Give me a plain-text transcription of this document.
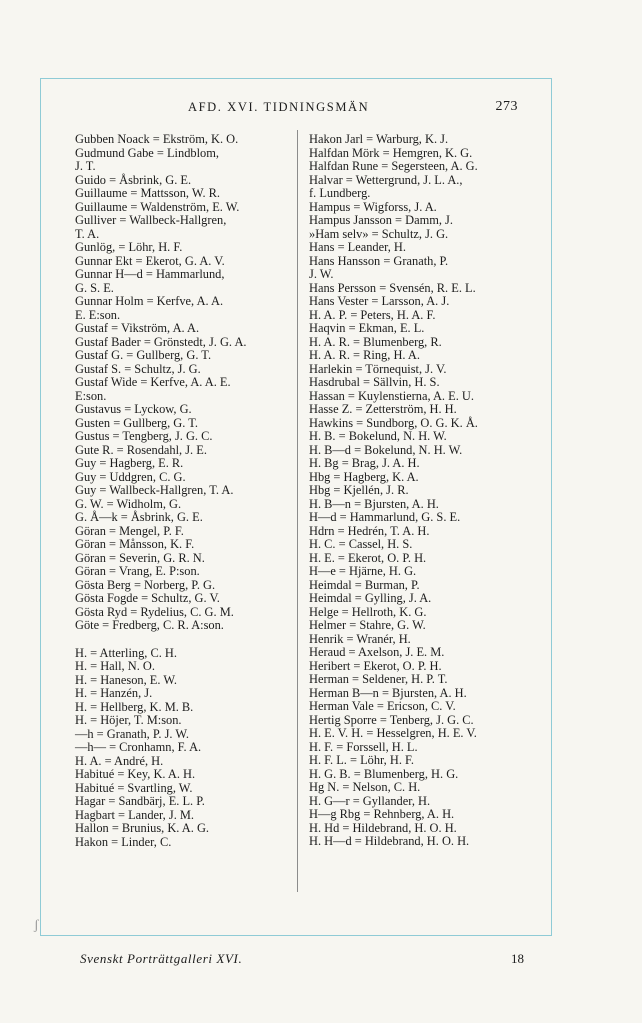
AFD. XVI. TIDNINGSMÄN	273
Gubben Noack = Ekström, K. O.
Gudmund Gabe = Lindblom,
J. T.
Guido = Åsbrink, G. E.
Guillaume = Mattsson, W. R.
Guillaume = Waldenström, E. W.
Gulliver = Wallbeck-Hallgren,
T. A.
Gunlög, = Löhr, H. F.
Gunnar Ekt = Ekerot, G. A. V.
Gunnar H—d = Hammarlund,
G. S. E.
Gunnar Holm = Kerfve, A. A.
E. E:son.
Gustaf = Vikström, A. A.
Gustaf Bader = Grönstedt, J. G. A.
Gustaf G. = Gullberg, G. T.
Gustaf S. = Schultz, J. G.
Gustaf Wide = Kerfve, A. A. E.
E:son.
Gustavus = Lyckow, G.
Gusten = Gullberg, G. T.
Gustus = Tengberg, J. G. C.
Gute R. = Rosendahl, J. E.
Guy = Hagberg, E. R.
Guy = Uddgren, C. G.
Guy = Wallbeck-Hallgren, T. A.
G. W. = Widholm, G.
G. Å—k = Åsbrink, G. E.
Göran = Mengel, P. F.
Göran = Månsson, K. F.
Göran = Severin, G. R. N.
Göran = Vrang, E. P:son.
Gösta Berg = Norberg, P. G.
Gösta Fogde = Schultz, G. V.
Gösta Ryd = Rydelius, C. G. M.
Göte = Fredberg, C. R. A:son.
H. = Atterling, C. H.
H. = Hall, N. O.
H. = Haneson, E. W.
H. = Hanzén, J.
H. = Hellberg, K. M. B.
H. = Höjer, T. M:son.
—h = Granath, P. J. W.
—h— = Cronhamn, F. A.
H. A. = André, H.
Habitué = Key, K. A. H.
Habitué = Svartling, W.
Hagar = Sandbärj, E. L. P.
Hagbart = Lander, J. M.
Hallon = Brunius, K. A. G.
Hakon = Linder, C.
Hakon Jarl = Warburg, K. J.
Halfdan Mörk = Hemgren, K. G.
Halfdan Rune = Segersteen, A. G.
Halvar = Wettergrund, J. L. A.,
f. Lundberg.
Hampus = Wigforss, J. A.
Hampus Jansson = Damm, J.
»Ham selv» = Schultz, J. G.
Hans = Leander, H.
Hans Hansson = Granath, P.
J. W.
Hans Persson = Svensén, R. E. L.
Hans Vester = Larsson, A. J.
H. A. P. = Peters, H. A. F.
Haqvin = Ekman, E. L.
H. A. R. = Blumenberg, R.
H. A. R. = Ring, H. A.
Harlekin = Törnequist, J. V.
Hasdrubal = Sällvin, H. S.
Hassan = Kuylenstierna, A. E. U.
Hasse Z. = Zetterström, H. H.
Hawkins = Sundborg, O. G. K. Å.
H. B. = Bokelund, N. H. W.
H. B—d = Bokelund, N. H. W.
H. Bg = Brag, J. A. H.
Hbg = Hagberg, K. A.
Hbg = Kjellén, J. R.
H. B—n = Bjursten, A. H.
H—d = Hammarlund, G. S. E.
Hdrn = Hedrén, T. A. H.
H. C. = Cassel, H. S.
H. E. = Ekerot, O. P. H.
H—e = Hjärne, H. G.
Heimdal = Burman, P.
Heimdal = Gylling, J. A.
Helge = Hellroth, K. G.
Helmer = Stahre, G. W.
Henrik = Wranér, H.
Heraud = Axelson, J. E. M.
Heribert = Ekerot, O. P. H.
Herman = Seldener, H. P. T.
Herman B—n = Bjursten, A. H.
Herman Vale = Ericson, C. V.
Hertig Sporre = Tenberg, J. G. C.
H. E. V. H. = Hesselgren, H. E. V.
H. F. = Forssell, H. L.
H. F. L. = Löhr, H. F.
H. G. B. = Blumenberg, H. G.
Hg N. = Nelson, C. H.
H. G—r = Gyllander, H.
H—g Rbg = Rehnberg, A. H.
H. Hd = Hildebrand, H. O. H.
H. H—d = Hildebrand, H. O. H.
ʃ
Svenskt Porträttgalleri XVI.	18
